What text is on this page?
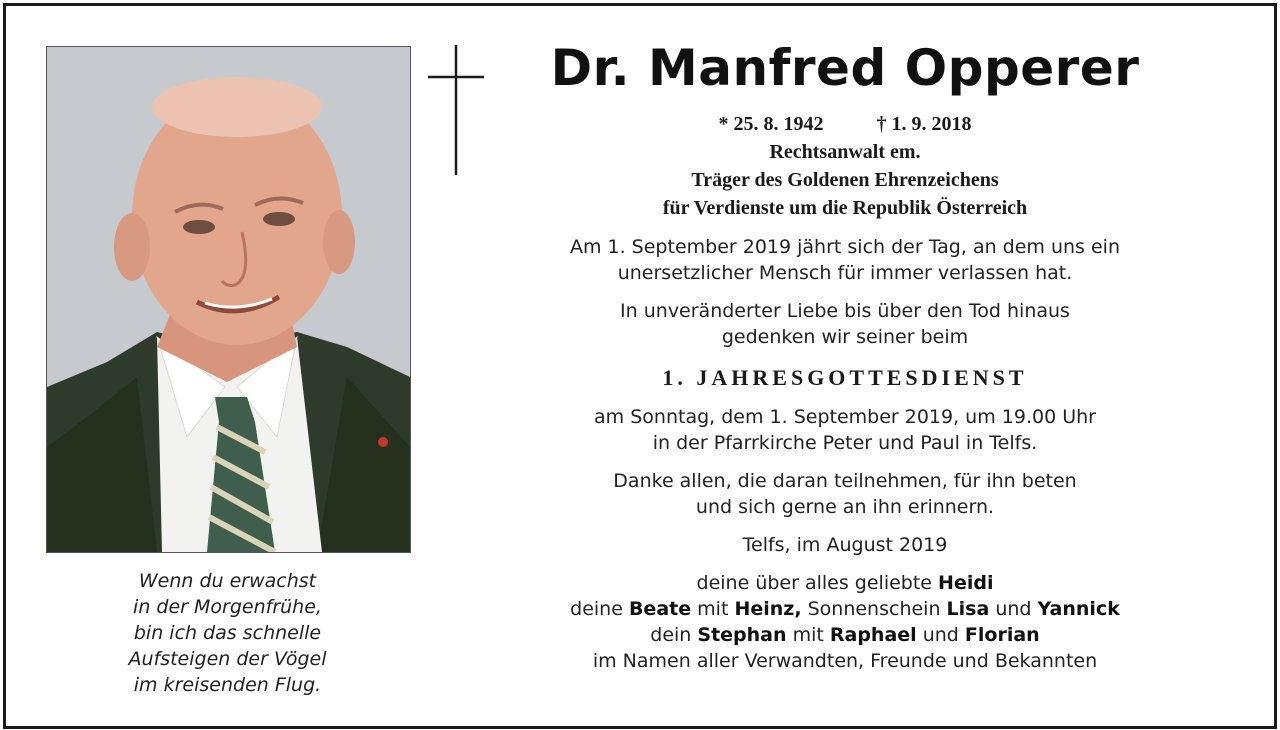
Wenn du erwachst
in der Morgenfrühe,
bin ich das schnelle
Aufsteigen der Vögel
im kreisenden Flug.
Dr. Manfred Opperer
* 25. 8. 1942	† 1. 9. 2018
Rechtsanwalt em.
Träger des Goldenen Ehrenzeichens
für Verdienste um die Republik Österreich
Am 1. September 2019 jährt sich der Tag, an dem uns ein
unersetzlicher Mensch für immer verlassen hat.
In unveränderter Liebe bis über den Tod hinaus
gedenken wir seiner beim
1. JAHRESGOTTESDIENST
am Sonntag, dem 1. September 2019, um 19.00 Uhr
in der Pfarrkirche Peter und Paul in Telfs.
Danke allen, die daran teilnehmen, für ihn beten
und sich gerne an ihn erinnern.
Telfs, im August 2019
deine über alles geliebte Heidi
deine Beate mit Heinz, Sonnenschein Lisa und Yannick
dein Stephan mit Raphael und Florian
im Namen aller Verwandten, Freunde und Bekannten
